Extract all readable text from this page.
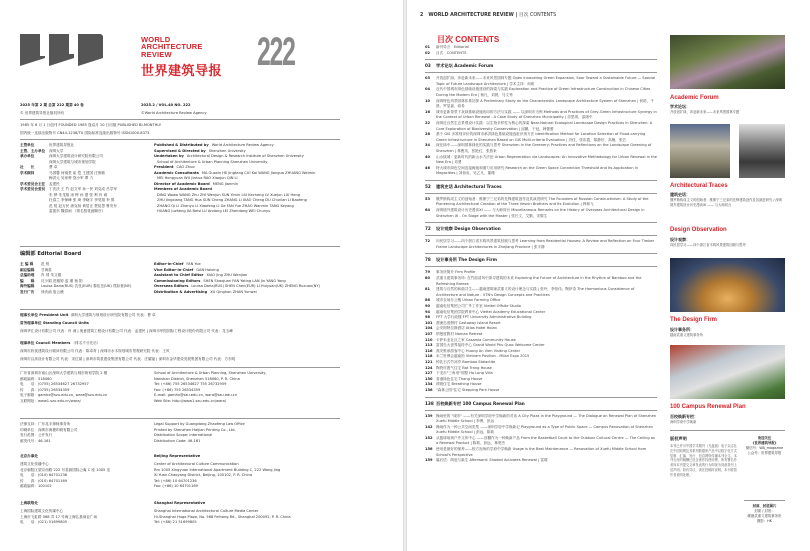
WORLD
ARCHITECTURE
REVIEW
世界建筑导报 222
2025 年第 2 期 总第 222 期第 40 卷	2025.2 / VOL.40 NO. 222
© 世界建筑导报社版权所有	©World Architecture Review Agency
1985 年 6 月 1 日创刊 FOUNDED 1985 逢双月 10 日出版 PUBLISHED BI-MONTHLY
国内统一连续出版物号 CN44-1236/TU 国际标准连续出版物号 ISSN1000-8373
主管单位	世界建筑导报社
主管、主办单位 深圳大学
承办单位	深圳大学建筑设计研究院有限公司
深圳大学建筑与城市规划学院
社　　长	曹 卓
学术顾问	马国馨 何镜堂 崔 恺 王建国 庄惟敏
梅洪元 吴家骅 饶小军 覃 力
学术委员会主任 孟建民
学术委员会委员 丁沃沃 王 竹 赵文军 孙一民 刘克成 吕学军
朱 桦 朱龙翔 汤 桦 孙 澄 张 利 肖 诚
杜春兰 李保峰 张 琦 李晓宇 李昊翔 李 鸽
范 悦 赵万民 唐克扬 黄居正 贾倍思 鲁安东
雷振东 魏春雨 （排名按笔画顺序）
Published & Distributed by World Architecture Review Agency
Supervised & Directed by Shenzhen University
Undertaken by Architectural Design & Research Institute of Shenzhen University
School of Architecture & Urban Planning Shenzhen University
President CAO Zhuo
Academic Consultants MA Guoxin HE Jingtang CUI Kai WANG Jianguo ZHUANG Weimin
MEI Hongyuan WU Jiahua RAO Xiaojun QIN Li
Director of Academic Board MENG Jianmin
Members of Academic Board
DING Wowo WANG Zhu ZHI Wenjun SUN Yimin LIU Kecheng LV Xuejun LIU Heng
ZHU Jingxiang TANG Hua SUN Cheng ZHANG Li XIAO Cheng DU Chunlan LI Baofeng
ZHANG Qi LI Zhenyu LI Xiaofeng LI Ge FAN Yue ZHAO Wanmin TANG Keyang
HUANG Juzheng JIA Beisi LU Andong LEI Zhendong WEI Chunyu
编辑部 Editorial Board
主 编 辑 范 悦
副总编辑 甘海星
总编助理 肖 靖 朱文健
编　　辑 沈少娟 范雅婷 蓝 瑾 杨 阳
海外编辑 Louisa Daria(RUS) 沈忱(EUR) 黎佳岳(UK) 郑如萱(NY)
发行广告 徐庆函 詹云薇
Editor-in-Chief FAN Yue
Vice Editor-in-Chief GAN Haixing
Assistant to Chief Editor XIAO Jing ZHU Wenjian
Commissioning Editors SHEN Shaojuan FAN Yating LAN Jin YANG Yang
Overseas Editors Louisa Daria(RUS) SHEN Chen(EUR) LI Huiyuan(UK) ZHENG Ruxuan(NY)
Distribution & Advertising XU Qinghan ZHAN Yunwei
理事长单位 President Unit 深圳大学建筑与规划设计研究院有限公司 代表：曹 卓
常务理事单位 Standing Council Units
深圳华汇设计有限公司 代表：肖 诚 | 奥意建筑工程设计有限公司 代表：孟建民 | 深圳市华阳国际工程设计股份有限公司 代表：龙玉峰
理事单位 Council Members （排名不分先后）
深圳市欣视建筑设计顾问有限公司 代表：陈卓青 | 深圳市水木规划城市景观研究院 代表：王风
深圳市汉高设计有限公司 代表：宋红斌 | 深圳市筑星建设集团有限公司 代表：庄耀福 | 深圳市金华建设发展集团有限公司 代表：方东明
广东省深圳市南山区深圳大学建筑与城市规划学院 2 楼
邮政编码：518060
电　　话：(0755) 26534627 26732957
传　　真：(0755) 26534359
电子邮箱：gamhx@szu.edu.cn, wara@szu.edu.cn
互联网址：www1.szu.edu.cn/wara/
School of Architecture & Urban Planning, Shenzhen University,
Nanshan District, Shenzhen 518060, P. R. China
Tel: (+86) 755 26534627 755 26732959
Fax: (+86) 755 26534359
E-mail: gamhx@szu.edu.cn, wara@szu.edu.cn
Web Site: http://www1.szu.edu.cn/wara/
法律支持：广东兆丰律师事务所
印刷单位：深圳市海捷印刷有限公司
发行范围：公开发行
邮发代号：46-161
Legal Support by Guangdong Zhaofeng Law Office
Printed by Shenzhen Haijian Printing Co., Ltd.
Distribution Scope: International
Distribution Code: 46-161
北京办事处	Beijing Representative
建筑文化传播中心
北京朝阳区望京西路 222 号星源国际公寓 C 座 1005 室
电　　话：(010) 64701236
传　　真：(010) 64701169
邮政编码：100102
Center of Architectural Culture Communication
Rm 1005 Xingyuan International Apartment Building C, 222 Wang Jing
Xi Yuan Chaoyang District, Beijing, 100102, P. R. China
Tel: (+86) 10 64701236
Fax: (+86) 10 64701169
上海联络处	Shanghai Representative
上海国际建筑文化传媒中心
上海市飞虹路 568 弄 17 号海上海弘基商业广场
电　　话：(021) 51699805
Shanghai International Architectural Culture Media Center
Hi-Shanghai Huge Plaza, No. 568 Feihong Rd., Shanghai 200092, P. R. China
Tel: (+86) 21 51699805
2 WORLD ARCHITECTURE REVIEW | 目次 CONTENTS
目次 CONTENTS
01	新刊导言　Editorial
02	目次　CONTENTS
03	学术论坛 Academic Forum
03	开放创扩绿，奔赴新未来——未来风景园林专题 Open Innovating Green Expansion, Soar Toward a Sustainable Future — Special Topic of Future Landscape Architecture | 学术主持：何昉
04	近代中国城市绿色基础设施建设的探索与实践 Exploration and Practice of Green Infrastructure Construction in Chinese Cities During the Modern Era | 杨凡，刘晨，马文秀
10	深圳特色风景园林体系初探 A Preliminary Study on the Characteristic Landscape Architecture System of Shenzhen | 何昉，千晨，罗显嘉，骆希
16	城市更新背景下灰绿基础设施协同的方法与实践 —— 以深圳市为例 Methods and Practices of Grey-Green Infrastructure Synergy in the Context of Urban Renewal - A Case Study of Shenzhen Municipality | 苗思琪，邵绪中
22	深圳近自然生态景观设计实践：以生物多样性为核心的探索 Near-Natural Ecological Landscape Design Practices in Shenzhen: A Core Exploration of Biodiversity Conservation | 邱鹏，于冠，韩蕾蕾
28	基于 GIS 多准则评价的深圳市承洪绿色基础设施选址识别方法 Identification Method for Location Selection of Flood-carrying Green Infrastructure in Shenzhen Based on GIS Multi-criteria Evaluation | 冯佳，张彩霞，陈静好，高楠，张芸
34	深在绿中——深圳园林绿化的实践与思考 Shenzhen in the Greenery: Practices and Reflections on the Landscape Greening of Shenzhen | 林俊英，张艳红，张燕来
40	山水续城：更新时代的新山水方法论 Urban Regeneration via Landscapes: An Innovative Methodology for Urban Renewal in the New Era | 邓勇
46	特大城市绿色空间连接阈值和潜力应用研究 Research on the Green Space Connection Threshold and Its Application in Megacities | 刘怡岩，吴乙凡，董瑾
52	建筑史话 Architectural Traces
53	俄罗斯构成主义的创始者：维斯宁三兄弟的先锋建筑创作及其演进研究 The Founders of Russian Constructivism: A Study of the Pioneering Architectural Creation of the Three Vesnin Brothers and Its Evolution | 韩林飞
64	深圳境外建筑设计历史漫谈XI —— 与大师同台 Miscellaneous Remarks on the History of Overseas Architectural Design in Shenzhen XI - On Stage with the Master | 张长文，艾勤，宋黎生
72	设计观察 Design Observation
72	向民居学习——四个浙江省木构风景建筑回顾与思考 Learning from Residential Houses: A Review and Reflection on Four Timber Frame Landscape Architectures in Zhejiang Province | 张宇静
78	设计事务所 The Design Firm
79	事务所简介 Firm Profile
80	武重义建筑事务所: 在竹韵清风中探寻建筑的未来 Exploring the Future of Architecture in the Rhythm of Bamboo and the Refreshing Breeze
81	建筑与自然的和谐共生——越南建筑师武重义的设计理念与实践 | 张玲，李恒伟，陶伊奇 The Harmonious Consistence of Architecture and Nature - VTN's Design Concepts and Practices
86	城市农场办公楼 Urban Farming Office
90	越南电信集团公司广外工作室 Viettel Offsite Studio
94	越南电信集团学院教育中心 Viettel Academy Educational Center
98	FPT 大学行政楼 FPT University Administrative Building
101 漂流岛度假村 Castaway Island Resort
104 会安阿特拉斯酒店 Atlas Hotel Hoian
107 纳曼度假村 Naman Retreat
110 卡萨米亚社区之家 Casamia Community House
113 富国岛大世界接待中心 Grand World Phu Quoc Welcome Center
116 燕安维承游客中心 Huong An Vien Visiting Center
118 米兰世博会越南馆 Vietnam Pavilion - Milan Expo 2015
121 钟乳石式竹凉亭 Bamboo Stalactite
124 陶瓷村透气住宅 Bat Trang House
127 下龙市"三角形"别墅 Ha Long Villa
130 省港绿色住宅 Thang House
134 呼吸住宅 Breathing House
136 "森林公园"住宅 Stepping Park House
138 百校焕新专栏 100 Campus Renewal Plan
139 操场里的 "城市" ——有关深圳学府中学焕新的对话 A City Plaza in the Playground — The Dialogue on Renewal Plan of Shenzhen Xuefu Middle School | 李博，彭远
142 操场作为一种公共空间类型 ——深圳学府中学焕新记 Playground as a Type of Public Space — Campus Renovation of Shenzhen Xuefu Middle School | 彭远，陈莉
152 从篮球场到户外文体中心 ——顶棚作为一种焕新产品 From the Basketball Court to the Outdoor Cultural Centre — The Ceiling as a Renewal Product | 陈莉，彭远，林楚杰
156 使用是最好的保养——校方视角的学府中学焕新 Usage is the Best Maintenance — Renovation of Xuefu Middle School from School's Perspective
159 篇后语：荫庇与新生 Afterword: Shaded Activates Renewal | 富增
Academic Forum
学术论坛：
开放创扩绿，奔赴新未来——未来风景园林专题
Architectural Traces
建筑史话：
俄罗斯构成主义的创始者：维斯宁三兄弟的先锋建筑创作及其演进研究 / 深圳境外建筑设计历史漫谈XI —— 与大师同台
Design Observation
设计观察：
向民居学习——四个浙江省木构风景建筑回顾与思考
The Design Firm
设计事务所：
越南武重义建筑事务所
100 Campus Renewal Plan
百校焕新专栏：
深圳学府中学焕新
版权声明
本刊已许可中国学术期刊（光盘版）电子杂志社在中国知网及其系列数据库产品中以数字化方式复制、汇编、发行、信息网络传播本刊全文。本刊支付的稿酬已包含著作权使用费，所有署名作者向本刊提交文章发表的行为即视为同意我刊上述声明。如有异议，请在投稿时说明，本刊将按作者说明处理。
欢迎关注
《世界建筑导报》
微信号：WA_magazine
公众号：世界建筑导报
封面、封底图片
封面 / 封底：
岘港武重义建筑事务所
摄影：HK
